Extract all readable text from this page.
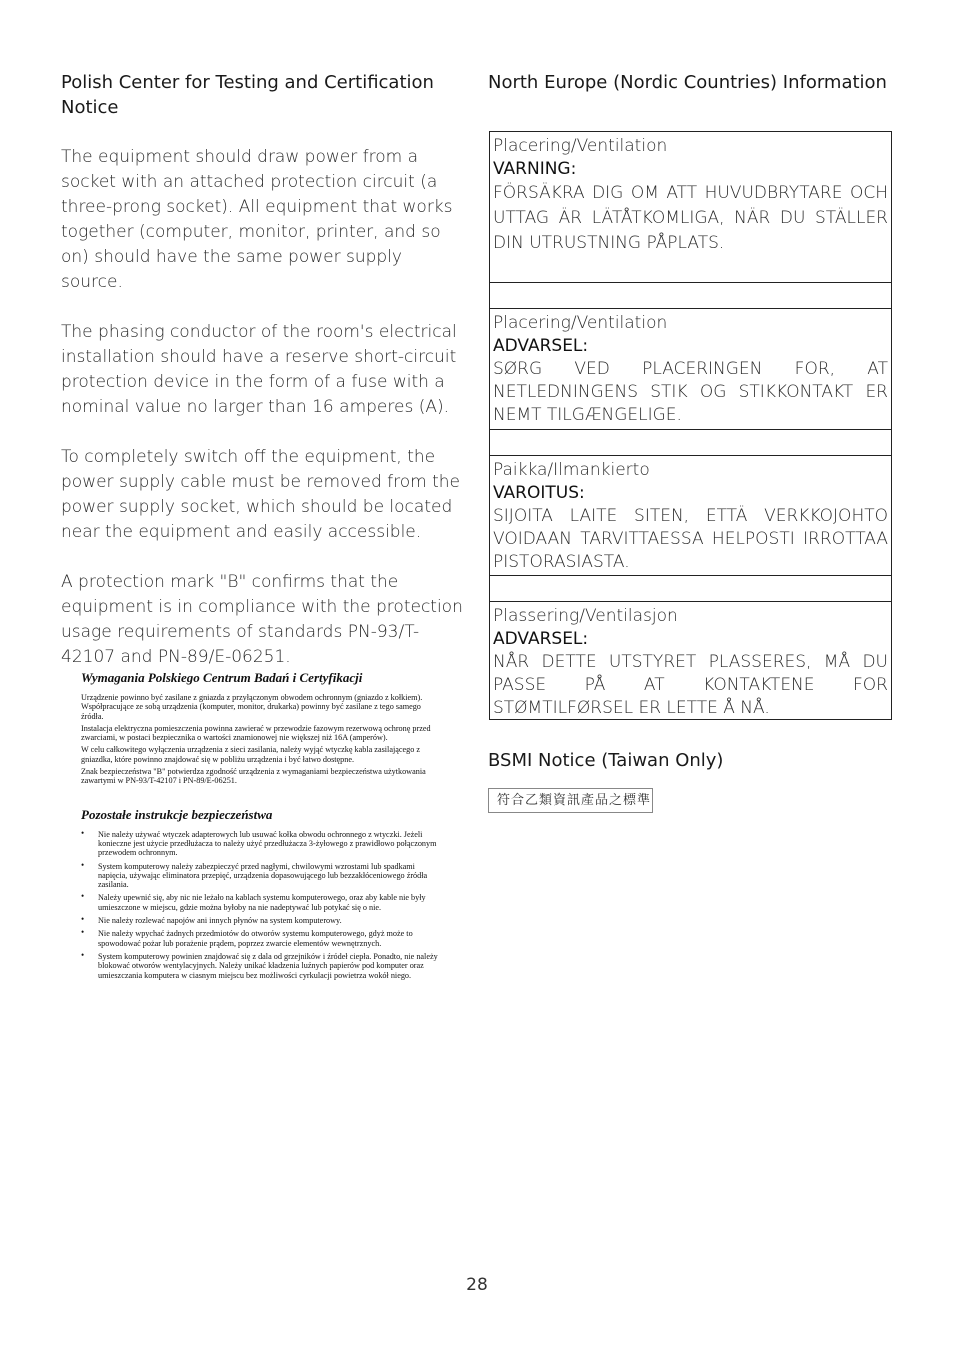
Polish Center for Testing and Certification Notice

The equipment should draw power from a socket with an attached protection circuit (a three-prong socket). All equipment that works together (computer, monitor, printer, and so on) should have the same power supply source.

The phasing conductor of the room's electrical installation should have a reserve short-circuit protection device in the form of a fuse with a nominal value no larger than 16 amperes (A).

To completely switch off the equipment, the power supply cable must be removed from the power supply socket, which should be located near the equipment and easily accessible.

A protection mark "B" confirms that the equipment is in compliance with the protection usage requirements of standards PN-93/T-42107 and PN-89/E-06251.

Wymagania Polskiego Centrum Badań i Certyfikacji

Urządzenie powinno być zasilane z gniazda z przyłączonym obwodem ochronnym (gniazdo z kołkiem). Współpracujące ze sobą urządzenia (komputer, monitor, drukarka) powinny być zasilane z tego samego źródła.

Instalacja elektryczna pomieszczenia powinna zawierać w przewodzie fazowym rezerwową ochronę przed zwarciami, w postaci bezpiecznika o wartości znamionowej nie większej niż 16A (amperów).

W celu całkowitego wyłączenia urządzenia z sieci zasilania, należy wyjąć wtyczkę kabla zasilającego z gniazdka, które powinno znajdować się w pobliżu urządzenia i być łatwo dostępne.

Znak bezpieczeństwa "B" potwierdza zgodność urządzenia z wymaganiami bezpieczeństwa użytkowania zawartymi w PN-93/T-42107 i PN-89/E-06251.

Pozostałe instrukcje bezpieczeństwa
• Nie należy używać wtyczek adapterowych lub usuwać kołka obwodu ochronnego z wtyczki. Jeżeli konieczne jest użycie przedłużacza to należy użyć przedłużacza 3-żyłowego z prawidłowo połączonym przewodem ochronnym.
• System komputerowy należy zabezpieczyć przed nagłymi, chwilowymi wzrostami lub spadkami napięcia, używając eliminatora przepięć, urządzenia dopasowującego lub bezzakłóceniowego źródła zasilania.
• Należy upewnić się, aby nic nie leżało na kablach systemu komputerowego, oraz aby kable nie były umieszczone w miejscu, gdzie można byłoby na nie nadeptywać lub potykać się o nie.
• Nie należy rozlewać napojów ani innych płynów na system komputerowy.
• Nie należy wpychać żadnych przedmiotów do otworów systemu komputerowego, gdyż może to spowodować pożar lub porażenie prądem, poprzez zwarcie elementów wewnętrznych.
• System komputerowy powinien znajdować się z dala od grzejników i źródeł ciepła. Ponadto, nie należy blokować otworów wentylacyjnych. Należy unikać kładzenia luźnych papierów pod komputer oraz umieszczania komputera w ciasnym miejscu bez możliwości cyrkulacji powietrza wokół niego.
North Europe (Nordic Countries) Information
Placering/Ventilation
VARNING:
FÖRSÄKRA DIG OM ATT HUVUDBRYTARE OCH UTTAG ÄR LÄTÅTKOMLIGA, NÄR DU STÄLLER DIN UTRUSTNING PÅPLATS.
Placering/Ventilation
ADVARSEL:
SØRG VED PLACERINGEN FOR, AT NETLEDNINGENS STIK OG STIKKONTAKT ER NEMT TILGÆNGELIGE.
Paikka/Ilmankierto
VAROITUS:
SIJOITA LAITE SITEN, ETTÄ VERKKOJOHTO VOIDAAN TARVITTAESSA HELPOSTI IRROTTAA PISTORASIASTA.
Plassering/Ventilasjon
ADVARSEL:
NÅR DETTE UTSTYRET PLASSERES, MÅ DU PASSE PÅ AT KONTAKTENE FOR STØMTILFØRSEL ER LETTE Å NÅ.
BSMI Notice (Taiwan Only)
符合乙類資訊產品之標準
28
